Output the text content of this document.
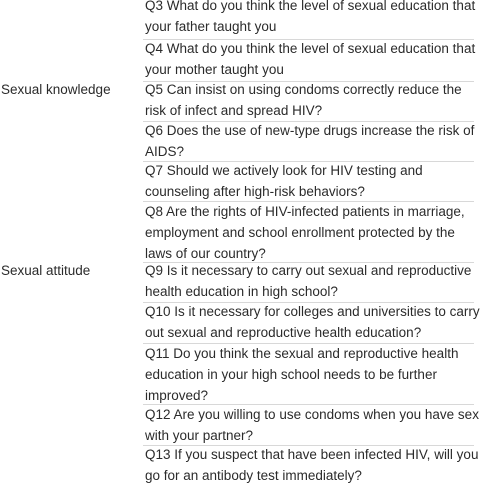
Q3 What do you think the level of sexual education that
your father taught you
Q4 What do you think the level of sexual education that
your mother taught you
Sexual knowledge	Q5 Can insist on using condoms correctly reduce the
risk of infect and spread HIV?
Q6 Does the use of new-type drugs increase the risk of
AIDS?
Q7 Should we actively look for HIV testing and
counseling after high-risk behaviors?
Q8 Are the rights of HIV-infected patients in marriage,
employment and school enrollment protected by the
laws of our country?
Sexual attitude	Q9 Is it necessary to carry out sexual and reproductive
health education in high school?
Q10 Is it necessary for colleges and universities to carry
out sexual and reproductive health education?
Q11 Do you think the sexual and reproductive health
education in your high school needs to be further
improved?
Q12 Are you willing to use condoms when you have sex
with your partner?
Q13 If you suspect that have been infected HIV, will you
go for an antibody test immediately?
